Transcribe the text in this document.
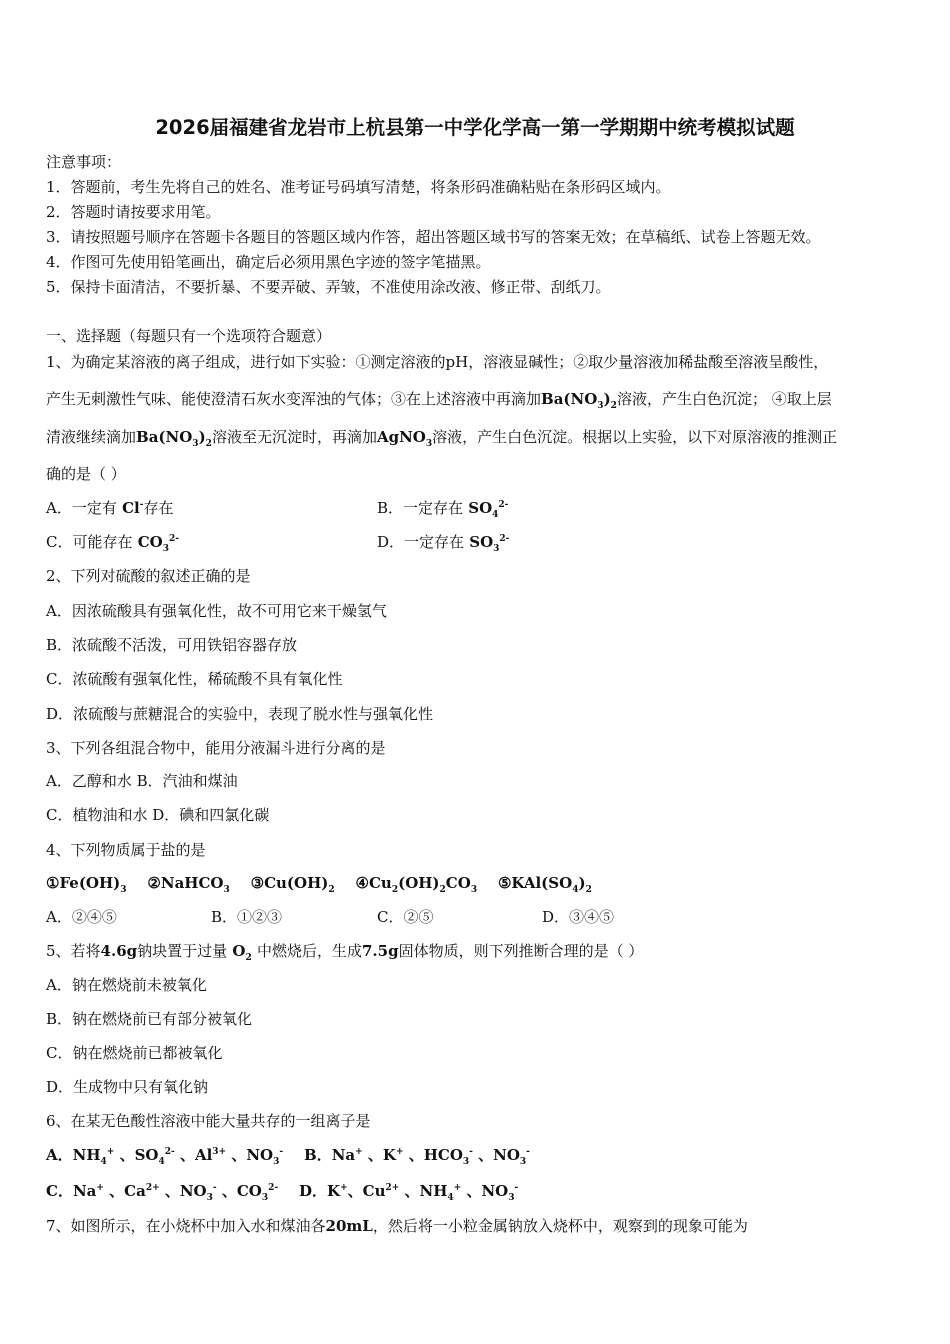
2026届福建省龙岩市上杭县第一中学化学高一第一学期期中统考模拟试题
注意事项：
1．答题前，考生先将自己的姓名、准考证号码填写清楚，将条形码准确粘贴在条形码区域内。
2．答题时请按要求用笔。
3．请按照题号顺序在答题卡各题目的答题区域内作答，超出答题区域书写的答案无效；在草稿纸、试卷上答题无效。
4．作图可先使用铅笔画出，确定后必须用黑色字迹的签字笔描黑。
5．保持卡面清洁，不要折暴、不要弄破、弄皱，不准使用涂改液、修正带、刮纸刀。
一、选择题（每题只有一个选项符合题意）
1、为确定某溶液的离子组成，进行如下实验：①测定溶液的pH，溶液显碱性；②取少量溶液加稀盐酸至溶液呈酸性，
产生无刺激性气味、能使澄清石灰水变浑浊的气体；③在上述溶液中再滴加$Ba(NO_3)_2$溶液，产生白色沉淀； ④取上层
清液继续滴加$Ba(NO_3)_2$溶液至无沉淀时，再滴加AgNO$_3$溶液，产生白色沉淀。根据以上实验，以下对原溶液的推测正
确的是（ ）
A．一定有 Cl-存在	B．一定存在 $SO_4^{2-}$
C．可能存在 $CO_3^{2-}$	D．一定存在 $SO_3^{2-}$
2、下列对硫酸的叙述正确的是
A．因浓硫酸具有强氧化性，故不可用它来干燥氢气
B．浓硫酸不活泼，可用铁铝容器存放
C．浓硫酸有强氧化性，稀硫酸不具有氧化性
D．浓硫酸与蔗糖混合的实验中，表现了脱水性与强氧化性
3、下列各组混合物中，能用分液漏斗进行分离的是
A．乙醇和水 B．汽油和煤油
C．植物油和水 D．碘和四氯化碳
4、下列物质属于盐的是
$①Fe(OH)_3$    ②NaHCO$_3$    $③Cu(OH)_2$    $④Cu_2(OH)_2CO_3$    $⑤KAl(SO_4)_2$
A．②④⑤	B．①②③	C．②⑤	D．③④⑤
5、若将4.6g钠块置于过量 $O_2$ 中燃烧后，生成7.5g固体物质，则下列推断合理的是（ ）
A．钠在燃烧前未被氧化
B．钠在燃烧前已有部分被氧化
C．钠在燃烧前已都被氧化
D．生成物中只有氧化钠
6、在某无色酸性溶液中能大量共存的一组离子是
A．$NH_4^+$ 、$SO_4^{2-}$ 、$Al^{3+}$ 、$NO_3^-$    B．Na+ 、K+ 、$HCO_3^-$ 、$NO_3^-$
C．Na+ 、$Ca^{2+}$ 、$NO_3^-$ 、$CO_3^{2-}$    D．K+、$Cu^{2+}$ 、$NH_4^+$ 、$NO_3^-$
7、如图所示，在小烧杯中加入水和煤油各20mL，然后将一小粒金属钠放入烧杯中，观察到的现象可能为
